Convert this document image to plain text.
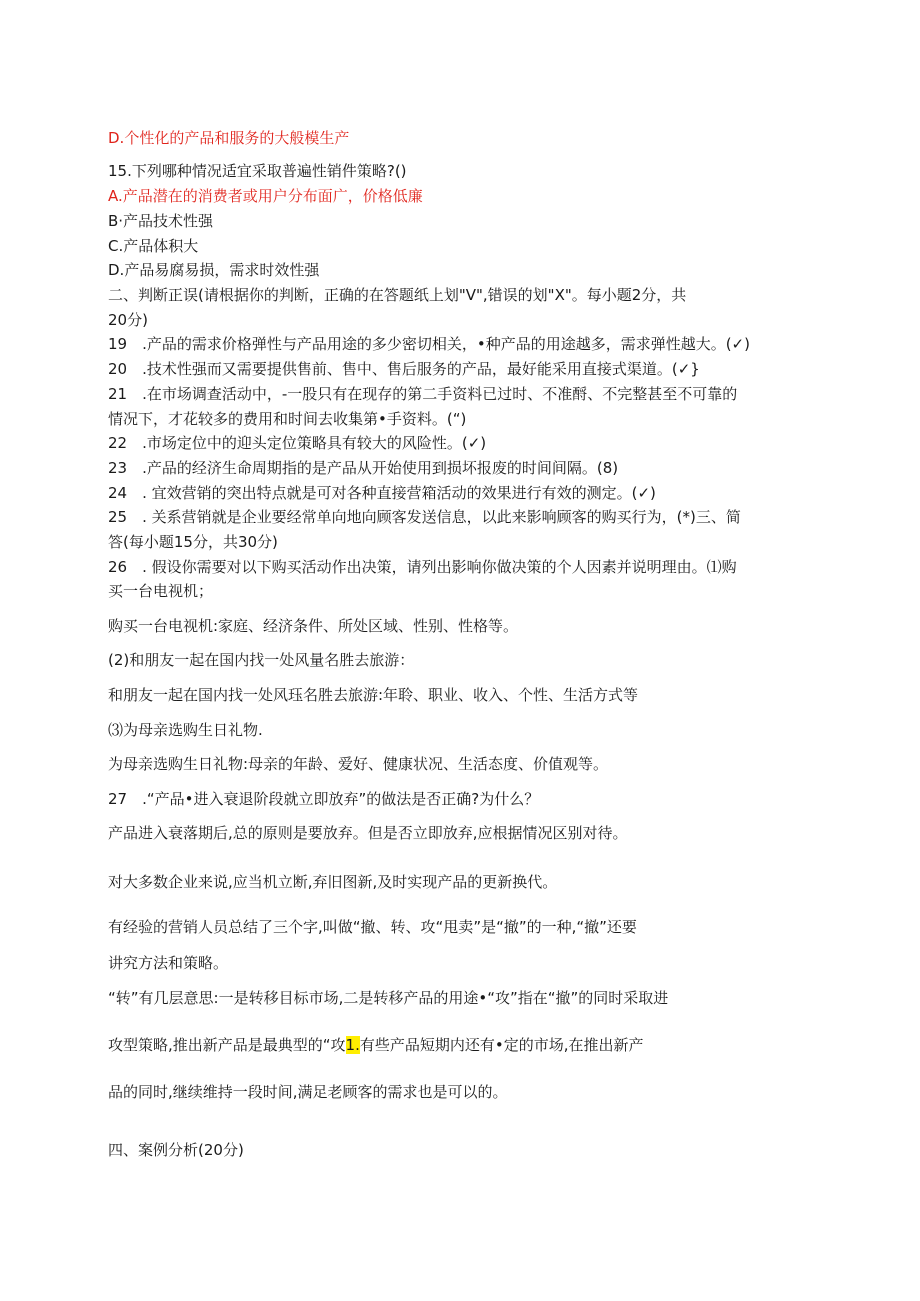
D.个性化的产品和服务的大般模生产
15.下列哪种情况适宜采取普遍性销件策略?()
A.产品潜在的消费者或用户分布面广，价格低廉
B·产品技术性强
C.产品体积大
D.产品易腐易损，需求时效性强
二、判断正误(请根据你的判断，正确的在答题纸上划"V",错误的划"X"。每小题2分，共
20分)
19　.产品的需求价格弹性与产品用途的多少密切相关，•种产品的用途越多，需求弹性越大。(✓)
20　.技术性强而又需要提供售前、售中、售后服务的产品，最好能采用直接式渠道。(✓}
21　.在市场调查活动中，-一股只有在现存的第二手资料已过时、不准酹、不完整甚至不可靠的
情况下，才花较多的费用和时间去收集第•手资料。(“)
22　.市场定位中的迎头定位策略具有较大的风险性。(✓)
23　.产品的经济生命周期指的是产品从开始使用到损坏报废的时间间隔。(8)
24　. 宜效营销的突出特点就是可对各种直接营箱活动的效果进行有效的测定。(✓)
25　. 关系营销就是企业要经常单向地向顾客发送信息，以此来影响顾客的购买行为，(*)三、简
答(每小题15分，共30分)
26　. 假设你需要对以下购买活动作出决策，请列出影响你做决策的个人因素并说明理由。⑴购
买一台电视机；
购买一台电视机:家庭、经济条件、所处区域、性别、性格等。
(2)和朋友一起在国内找一处风量名胜去旅游：
和朋友一起在国内找一处风珏名胜去旅游:年聆、职业、收入、个性、生活方式等
⑶为母亲选购生日礼物.
为母亲选购生日礼物:母亲的年龄、爱好、健康状况、生活态度、价值观等。
27　.“产品•进入衰退阶段就立即放弃”的做法是否正确?为什么？
产品进入衰落期后,总的原则是要放弃。但是否立即放弃,应根据情况区别对待。
对大多数企业来说,应当机立断,弃旧图新,及时实现产品的更新换代。
有经验的营销人员总结了三个字,叫做“撤、转、攻“甩卖”是“撤”的一种,“撤”还要
讲究方法和策略。
“转”有几层意思:一是转移目标市场,二是转移产品的用途•“攻”指在“撤”的同时采取进
攻型策略,推出新产品是最典型的“攻1.有些产品短期内还有•定的市场,在推出新产
品的同时,继续维持一段时间,满足老顾客的需求也是可以的。
四、案例分析(20分)
